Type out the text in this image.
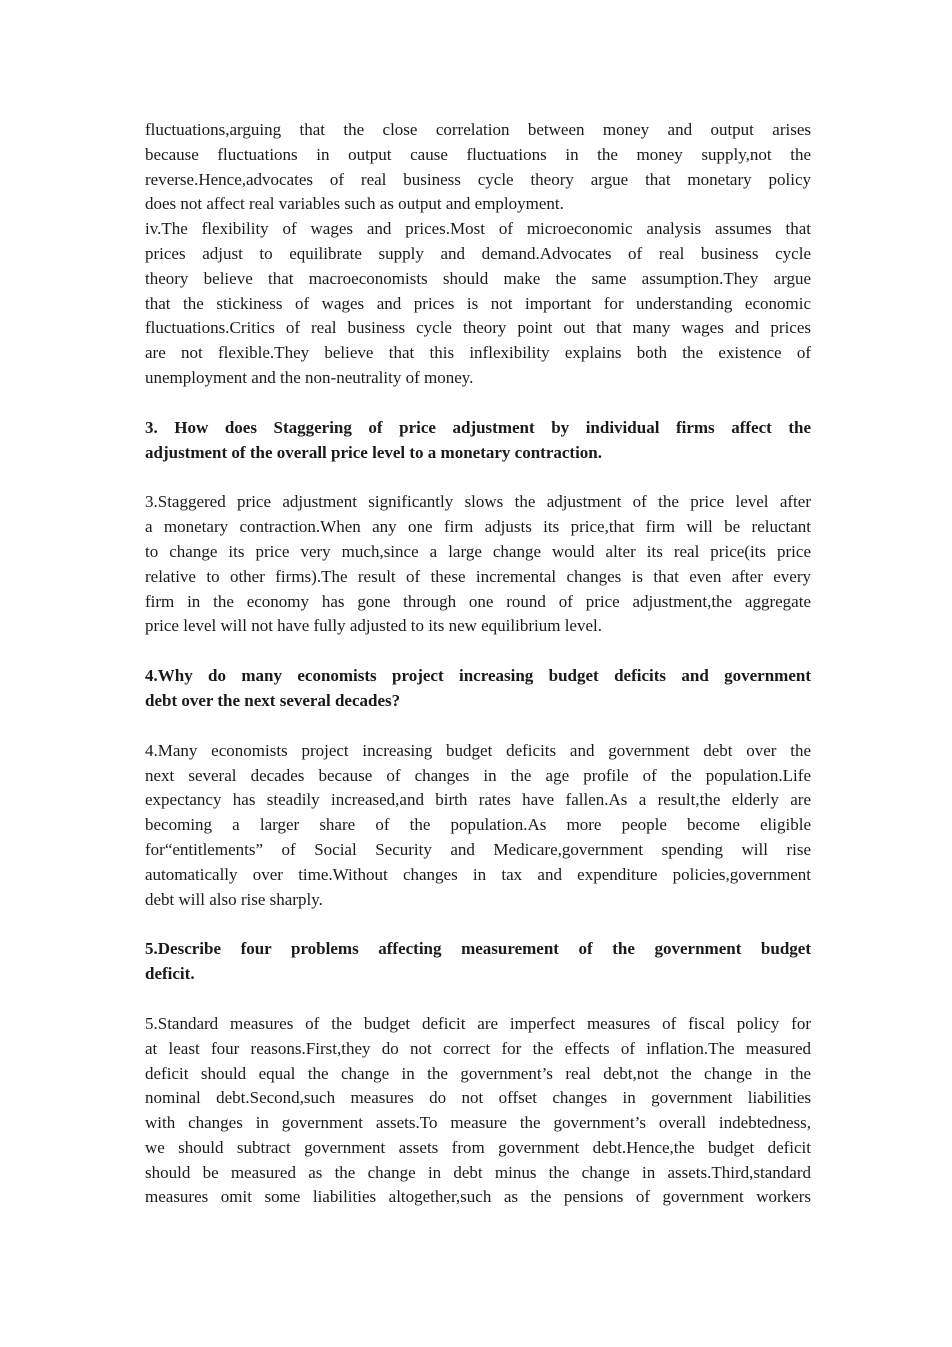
fluctuations,arguing that the close correlation between money and output arises
because fluctuations in output cause fluctuations in the money supply,not the
reverse.Hence,advocates of real business cycle theory argue that monetary policy
does not affect real variables such as output and employment.

iv.The flexibility of wages and prices.Most of microeconomic analysis assumes that
prices adjust to equilibrate supply and demand.Advocates of real business cycle
theory believe that macroeconomists should make the same assumption.They argue
that the stickiness of wages and prices is not important for understanding economic
fluctuations.Critics of real business cycle theory point out that many wages and prices
are not flexible.They believe that this inflexibility explains both the existence of
unemployment and the non-neutrality of money.

3. How does Staggering of price adjustment by individual firms affect the
adjustment of the overall price level to a monetary contraction.

3.Staggered price adjustment significantly slows the adjustment of the price level after
a monetary contraction.When any one firm adjusts its price,that firm will be reluctant
to change its price very much,since a large change would alter its real price(its price
relative to other firms).The result of these incremental changes is that even after every
firm in the economy has gone through one round of price adjustment,the aggregate
price level will not have fully adjusted to its new equilibrium level.

4.Why do many economists project increasing budget deficits and government
debt over the next several decades?

4.Many economists project increasing budget deficits and government debt over the
next several decades because of changes in the age profile of the population.Life
expectancy has steadily increased,and birth rates have fallen.As a result,the elderly are
becoming a larger share of the population.As more people become eligible
for“entitlements” of Social Security and Medicare,government spending will rise
automatically over time.Without changes in tax and expenditure policies,government
debt will also rise sharply.

5.Describe four problems affecting measurement of the government budget
deficit.

5.Standard measures of the budget deficit are imperfect measures of fiscal policy for
at least four reasons.First,they do not correct for the effects of inflation.The measured
deficit should equal the change in the government’s real debt,not the change in the
nominal debt.Second,such measures do not offset changes in government liabilities
with changes in government assets.To measure the government’s overall indebtedness,
we should subtract government assets from government debt.Hence,the budget deficit
should be measured as the change in debt minus the change in assets.Third,standard
measures omit some liabilities altogether,such as the pensions of government workers
